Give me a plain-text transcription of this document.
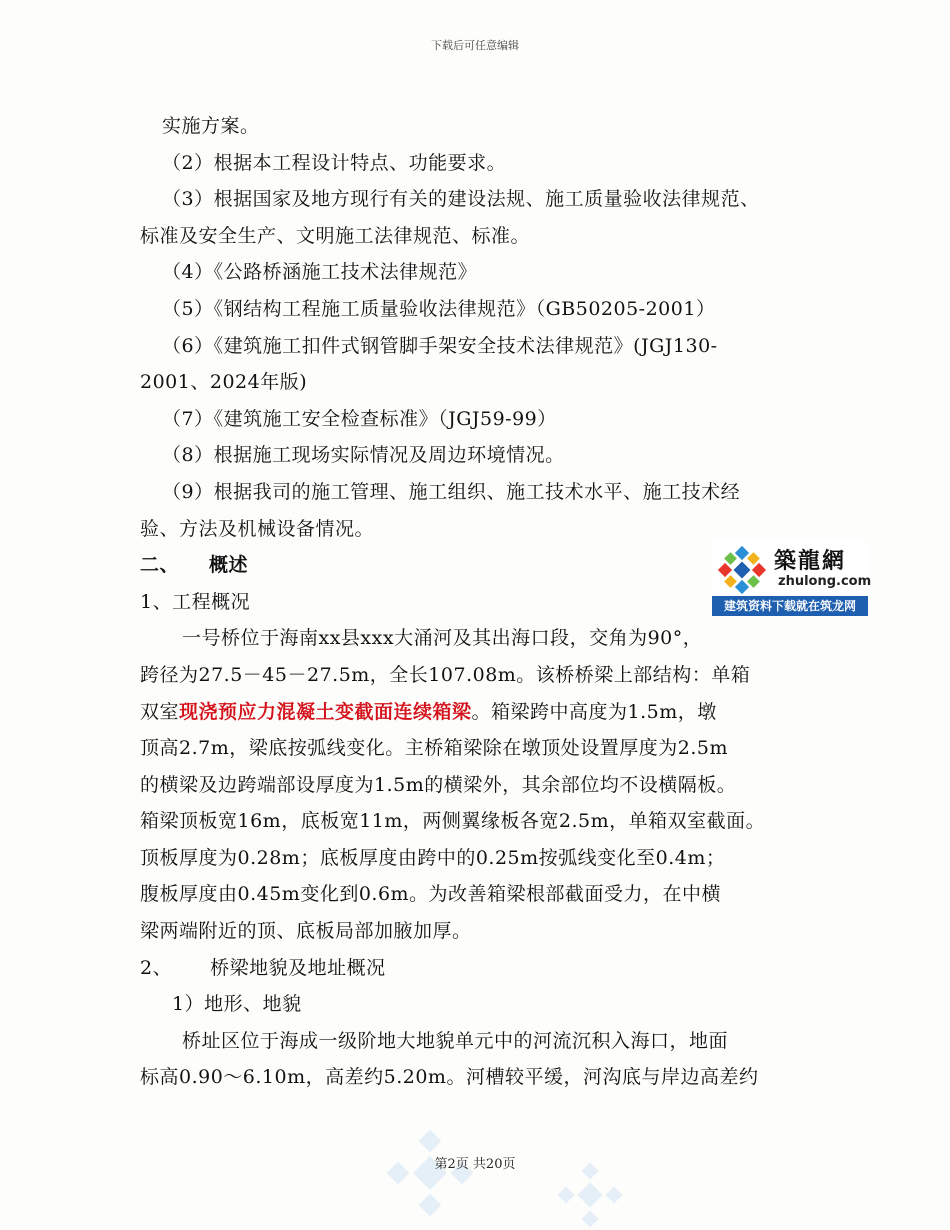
下载后可任意编辑
实施方案。
（2）根据本工程设计特点、功能要求。
（3）根据国家及地方现行有关的建设法规、施工质量验收法律规范、
标准及安全生产、文明施工法律规范、标准。
（4）《公路桥涵施工技术法律规范》
（5）《钢结构工程施工质量验收法律规范》（GB50205-2001）
（6）《建筑施工扣件式钢管脚手架安全技术法律规范》(JGJ130-
2001、2024年版)
（7）《建筑施工安全检查标准》（JGJ59-99）
（8）根据施工现场实际情况及周边环境情况。
（9）根据我司的施工管理、施工组织、施工技术水平、施工技术经
验、方法及机械设备情况。
二、 概述
1、工程概况
一号桥位于海南xx县xxx大涌河及其出海口段，交角为90°，
跨径为27.5－45－27.5m，全长107.08m。该桥桥梁上部结构：单箱
双室现浇预应力混凝土变截面连续箱梁。箱梁跨中高度为1.5m，墩
顶高2.7m，梁底按弧线变化。主桥箱梁除在墩顶处设置厚度为2.5m
的横梁及边跨端部设厚度为1.5m的横梁外，其余部位均不设横隔板。
箱梁顶板宽16m，底板宽11m，两侧翼缘板各宽2.5m，单箱双室截面。
顶板厚度为0.28m；底板厚度由跨中的0.25m按弧线变化至0.4m；
腹板厚度由0.45m变化到0.6m。为改善箱梁根部截面受力，在中横
梁两端附近的顶、底板局部加腋加厚。
2、 桥梁地貌及地址概况
1）地形、地貌
桥址区位于海成一级阶地大地貌单元中的河流沉积入海口，地面
标高0.90～6.10m，高差约5.20m。河槽较平缓，河沟底与岸边高差约
築龍網
zhulong.com
建筑资料下载就在筑龙网
第2页 共20页
